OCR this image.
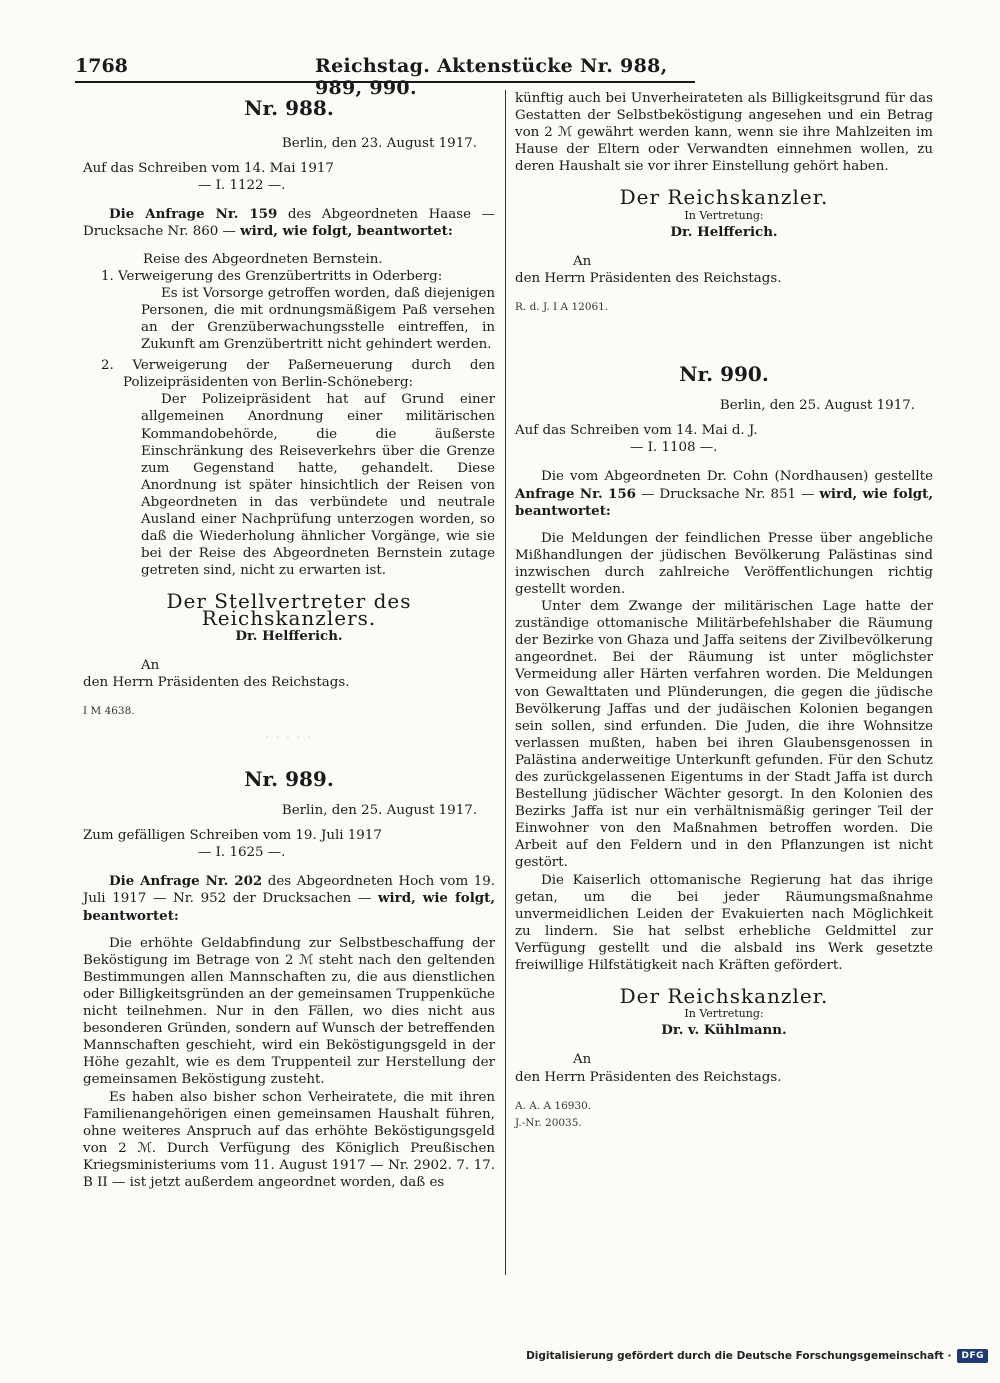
1768	Reichstag. Aktenstücke Nr. 988, 989, 990.

Nr. 988.

Berlin, den 23. August 1917.

Auf das Schreiben vom 14. Mai 1917

— I. 1122 —.

Die Anfrage Nr. 159 des Abgeordneten Haase — Drucksache Nr. 860 — wird, wie folgt, beantwortet:

Reise des Abgeordneten Bernstein.

1. Verweigerung des Grenzübertritts in Oderberg:

Es ist Vorsorge getroffen worden, daß diejenigen Personen, die mit ordnungsmäßigem Paß versehen an der Grenzüberwachungsstelle eintreffen, in Zukunft am Grenzübertritt nicht gehindert werden.

2. Verweigerung der Paßerneuerung durch den Polizeipräsidenten von Berlin-Schöneberg:

Der Polizeipräsident hat auf Grund einer allgemeinen Anordnung einer militärischen Kommandobehörde, die die äußerste Einschränkung des Reiseverkehrs über die Grenze zum Gegenstand hatte, gehandelt. Diese Anordnung ist später hinsichtlich der Reisen von Abgeordneten in das verbündete und neutrale Ausland einer Nachprüfung unterzogen worden, so daß die Wiederholung ähnlicher Vorgänge, wie sie bei der Reise des Abgeordneten Bernstein zutage getreten sind, nicht zu erwarten ist.

Der Stellvertreter des Reichskanzlers.

Dr. Helfferich.

An

den Herrn Präsidenten des Reichstags.

I M 4638.

· · · · ·

Nr. 989.

Berlin, den 25. August 1917.

Zum gefälligen Schreiben vom 19. Juli 1917

— I. 1625 —.

Die Anfrage Nr. 202 des Abgeordneten Hoch vom 19. Juli 1917 — Nr. 952 der Drucksachen — wird, wie folgt, beantwortet:

Die erhöhte Geldabfindung zur Selbstbeschaffung der Beköstigung im Betrage von 2 ℳ steht nach den geltenden Bestimmungen allen Mannschaften zu, die aus dienstlichen oder Billigkeitsgründen an der gemeinsamen Truppenküche nicht teilnehmen. Nur in den Fällen, wo dies nicht aus besonderen Gründen, sondern auf Wunsch der betreffenden Mannschaften geschieht, wird ein Beköstigungsgeld in der Höhe gezahlt, wie es dem Truppenteil zur Herstellung der gemeinsamen Beköstigung zusteht.

Es haben also bisher schon Verheiratete, die mit ihren Familienangehörigen einen gemeinsamen Haushalt führen, ohne weiteres Anspruch auf das erhöhte Beköstigungsgeld von 2 ℳ. Durch Verfügung des Königlich Preußischen Kriegsministeriums vom 11. August 1917 — Nr. 2902. 7. 17. B II — ist jetzt außerdem angeordnet worden, daß es

künftig auch bei Unverheirateten als Billigkeitsgrund für das Gestatten der Selbstbeköstigung angesehen und ein Betrag von 2 ℳ gewährt werden kann, wenn sie ihre Mahlzeiten im Hause der Eltern oder Verwandten einnehmen wollen, zu deren Haushalt sie vor ihrer Einstellung gehört haben.

Der Reichskanzler.

In Vertretung:

Dr. Helfferich.

An

den Herrn Präsidenten des Reichstags.

R. d. J. I A 12061.

Nr. 990.

Berlin, den 25. August 1917.

Auf das Schreiben vom 14. Mai d. J.

— I. 1108 —.

Die vom Abgeordneten Dr. Cohn (Nordhausen) gestellte Anfrage Nr. 156 — Drucksache Nr. 851 — wird, wie folgt, beantwortet:

Die Meldungen der feindlichen Presse über angebliche Mißhandlungen der jüdischen Bevölkerung Palästinas sind inzwischen durch zahlreiche Veröffentlichungen richtig gestellt worden.

Unter dem Zwange der militärischen Lage hatte der zuständige ottomanische Militärbefehlshaber die Räumung der Bezirke von Ghaza und Jaffa seitens der Zivilbevölkerung angeordnet. Bei der Räumung ist unter möglichster Vermeidung aller Härten verfahren worden. Die Meldungen von Gewalttaten und Plünderungen, die gegen die jüdische Bevölkerung Jaffas und der judäischen Kolonien begangen sein sollen, sind erfunden. Die Juden, die ihre Wohnsitze verlassen mußten, haben bei ihren Glaubensgenossen in Palästina anderweitige Unterkunft gefunden. Für den Schutz des zurückgelassenen Eigentums in der Stadt Jaffa ist durch Bestellung jüdischer Wächter gesorgt. In den Kolonien des Bezirks Jaffa ist nur ein verhältnismäßig geringer Teil der Einwohner von den Maßnahmen betroffen worden. Die Arbeit auf den Feldern und in den Pflanzungen ist nicht gestört.

Die Kaiserlich ottomanische Regierung hat das ihrige getan, um die bei jeder Räumungsmaßnahme unvermeidlichen Leiden der Evakuierten nach Möglichkeit zu lindern. Sie hat selbst erhebliche Geldmittel zur Verfügung gestellt und die alsbald ins Werk gesetzte freiwillige Hilfstätigkeit nach Kräften gefördert.

Der Reichskanzler.

In Vertretung:

Dr. v. Kühlmann.

An

den Herrn Präsidenten des Reichstags.

A. A. A 16930.

J.-Nr. 20035.

Digitalisierung gefördert durch die Deutsche Forschungsgemeinschaft ·	DFG
